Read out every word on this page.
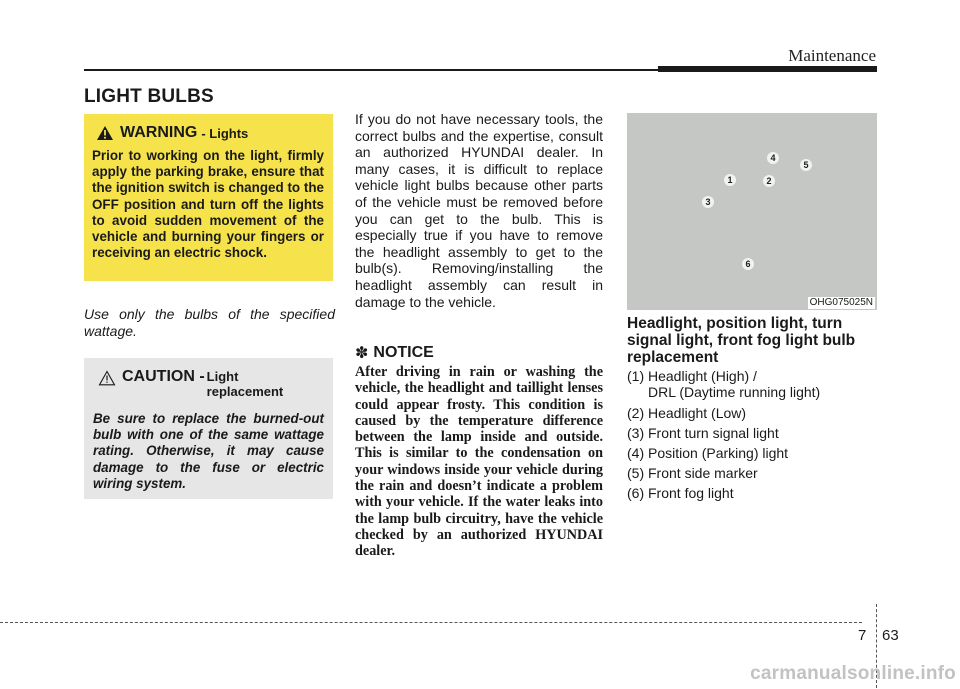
Maintenance
LIGHT BULBS
WARNING - Lights
Prior to working on the light, firmly apply the parking brake, ensure that the ignition switch is changed to the OFF position and turn off the lights to avoid sudden movement of the vehicle and burning your fingers or receiving an electric shock.
Use only the bulbs of the specified wattage.
CAUTION - Light replacement
Be sure to replace the burned-out bulb with one of the same wattage rating. Otherwise, it may cause damage to the fuse or electric wiring system.
If you do not have necessary tools, the correct bulbs and the expertise, consult an authorized HYUNDAI dealer. In many cases, it is difficult to replace vehicle light bulbs because other parts of the vehicle must be removed before you can get to the bulb. This is especially true if you have to remove the headlight assembly to get to the bulb(s). Removing/installing the headlight assembly can result in damage to the vehicle.
✽ NOTICE
After driving in rain or washing the vehicle, the headlight and taillight lenses could appear frosty. This condition is caused by the temperature difference between the lamp inside and outside. This is similar to the condensation on your windows inside your vehicle during the rain and doesn’t indicate a problem with your vehicle. If the water leaks into the lamp bulb circuitry, have the vehicle checked by an authorized HYUNDAI dealer.
1	2
3
4
5
6
OHG075025N
Headlight, position light, turn signal light, front fog light bulb replacement
(1) Headlight (High) /
DRL (Daytime running light)
(2) Headlight (Low)
(3) Front turn signal light
(4) Position (Parking) light
(5) Front side marker
(6) Front fog light
7 63
carmanualsonline.info
